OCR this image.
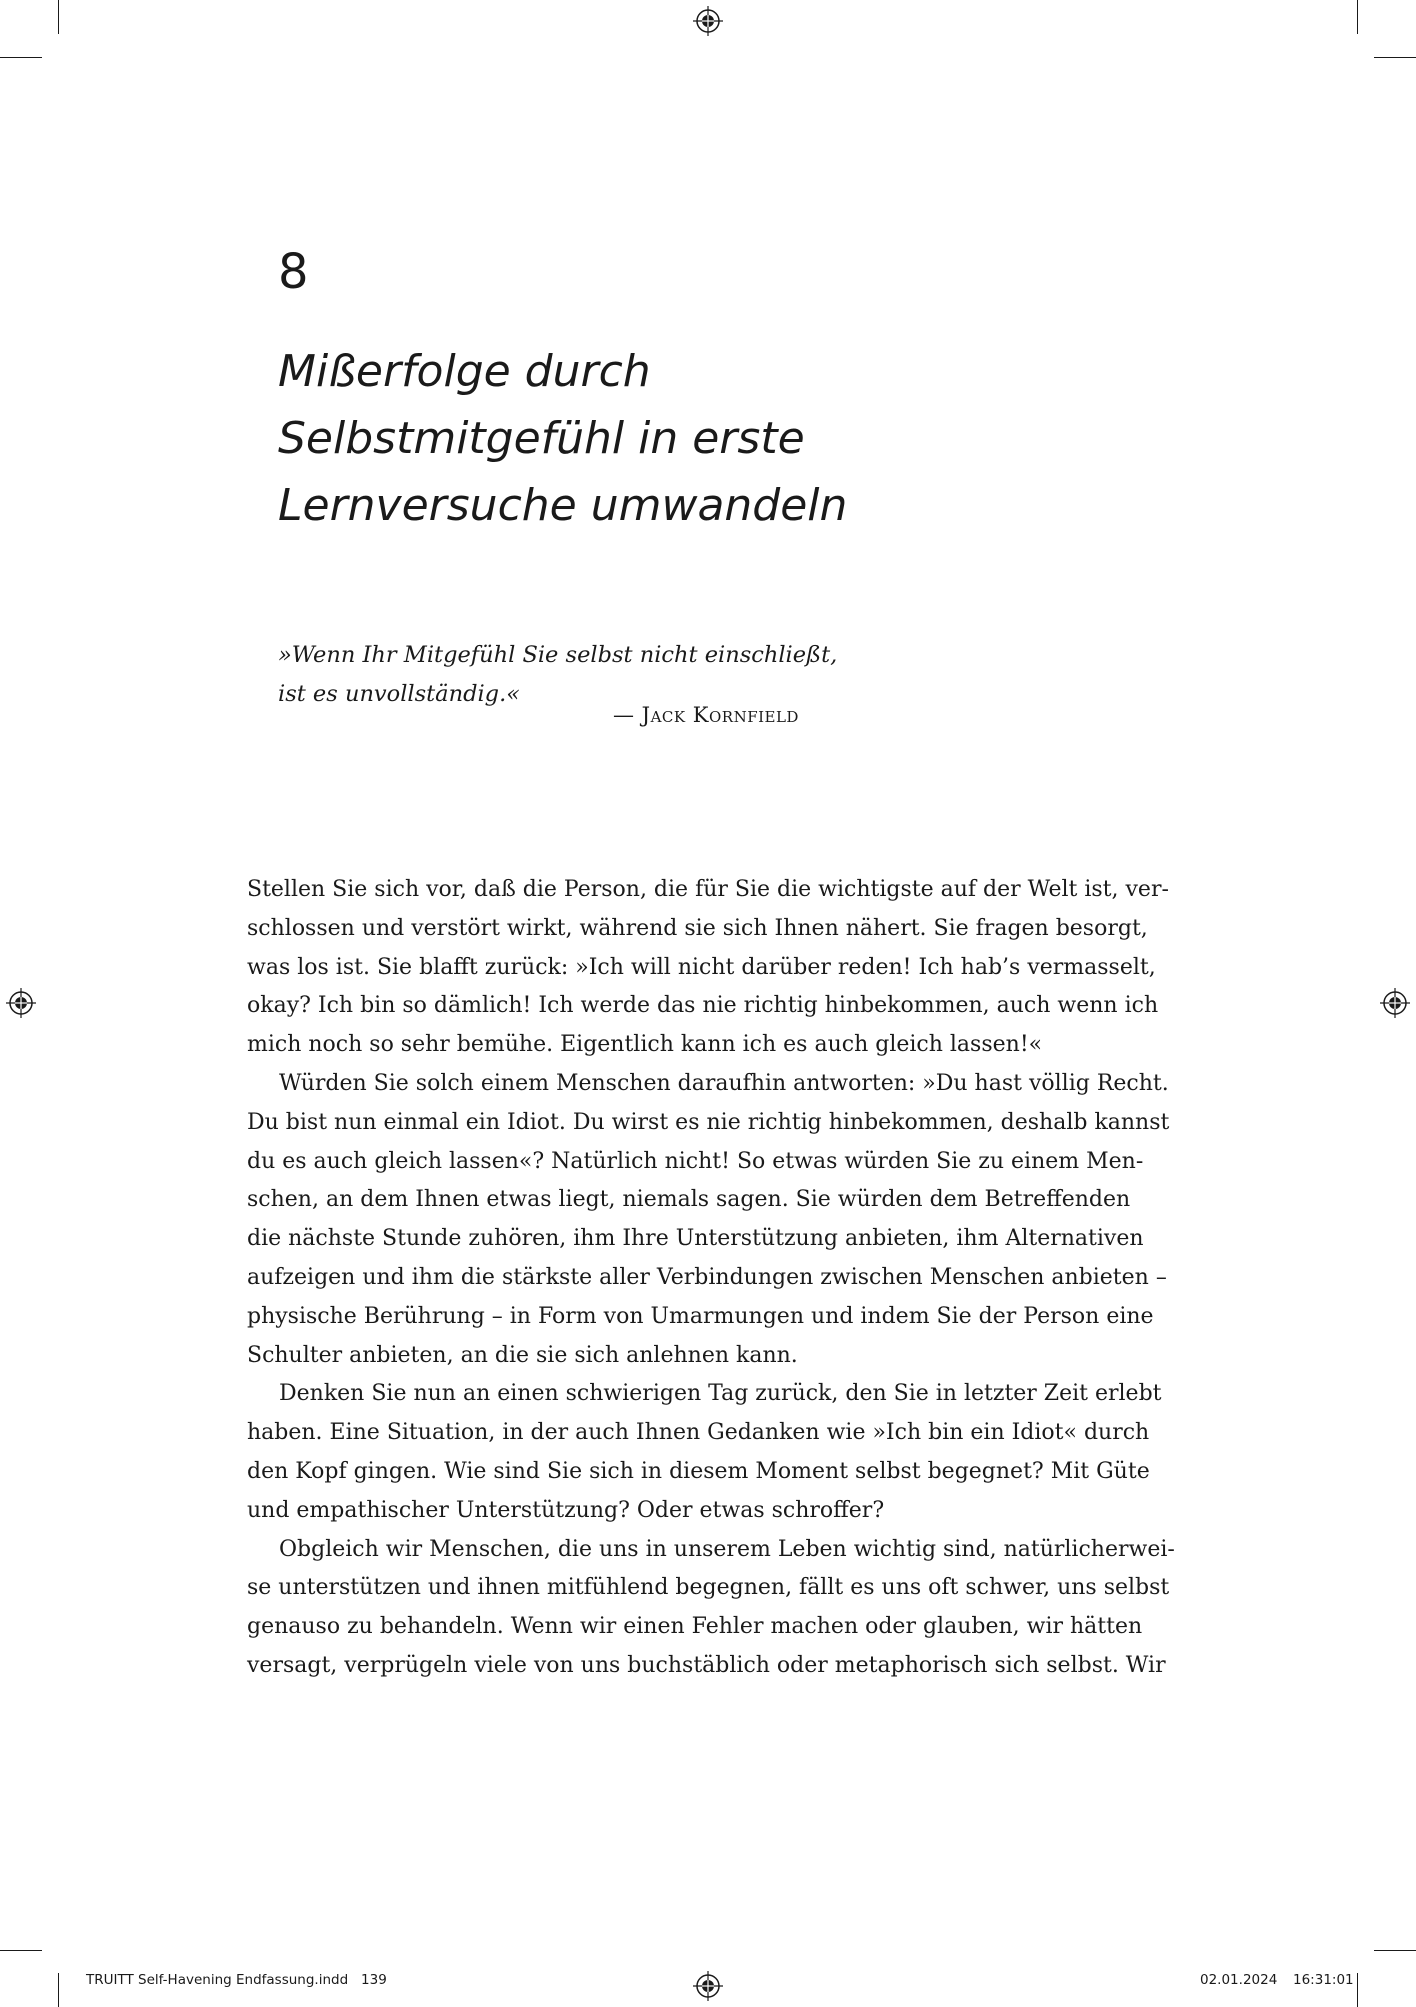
8
Mißerfolge durch
Selbstmitgefühl in erste
Lernversuche umwandeln
»Wenn Ihr Mitgefühl Sie selbst nicht einschließt,
ist es unvollständig.«
— Jack Kornfield
Stellen Sie sich vor, daß die Person, die für Sie die wichtigste auf der Welt ist, ver-
schlossen und verstört wirkt, während sie sich Ihnen nähert. Sie fragen besorgt,
was los ist. Sie blafft zurück: »Ich will nicht darüber reden! Ich hab’s vermasselt,
okay? Ich bin so dämlich! Ich werde das nie richtig hinbekommen, auch wenn ich
mich noch so sehr bemühe. Eigentlich kann ich es auch gleich lassen!«
Würden Sie solch einem Menschen daraufhin antworten: »Du hast völlig Recht.
Du bist nun einmal ein Idiot. Du wirst es nie richtig hinbekommen, deshalb kannst
du es auch gleich lassen«? Natürlich nicht! So etwas würden Sie zu einem Men-
schen, an dem Ihnen etwas liegt, niemals sagen. Sie würden dem Betreffenden
die nächste Stunde zuhören, ihm Ihre Unterstützung anbieten, ihm Alternativen
aufzeigen und ihm die stärkste aller Verbindungen zwischen Menschen anbieten –
physische Berührung – in Form von Umarmungen und indem Sie der Person eine
Schulter anbieten, an die sie sich anlehnen kann.
Denken Sie nun an einen schwierigen Tag zurück, den Sie in letzter Zeit erlebt
haben. Eine Situation, in der auch Ihnen Gedanken wie »Ich bin ein Idiot« durch
den Kopf gingen. Wie sind Sie sich in diesem Moment selbst begegnet? Mit Güte
und empathischer Unterstützung? Oder etwas schroffer?
Obgleich wir Menschen, die uns in unserem Leben wichtig sind, natürlicherwei-
se unterstützen und ihnen mitfühlend begegnen, fällt es uns oft schwer, uns selbst
genauso zu behandeln. Wenn wir einen Fehler machen oder glauben, wir hätten
versagt, verprügeln viele von uns buchstäblich oder metaphorisch sich selbst. Wir
TRUITT Self-Havening Endfassung.indd   139	02.01.2024 16:31:01
